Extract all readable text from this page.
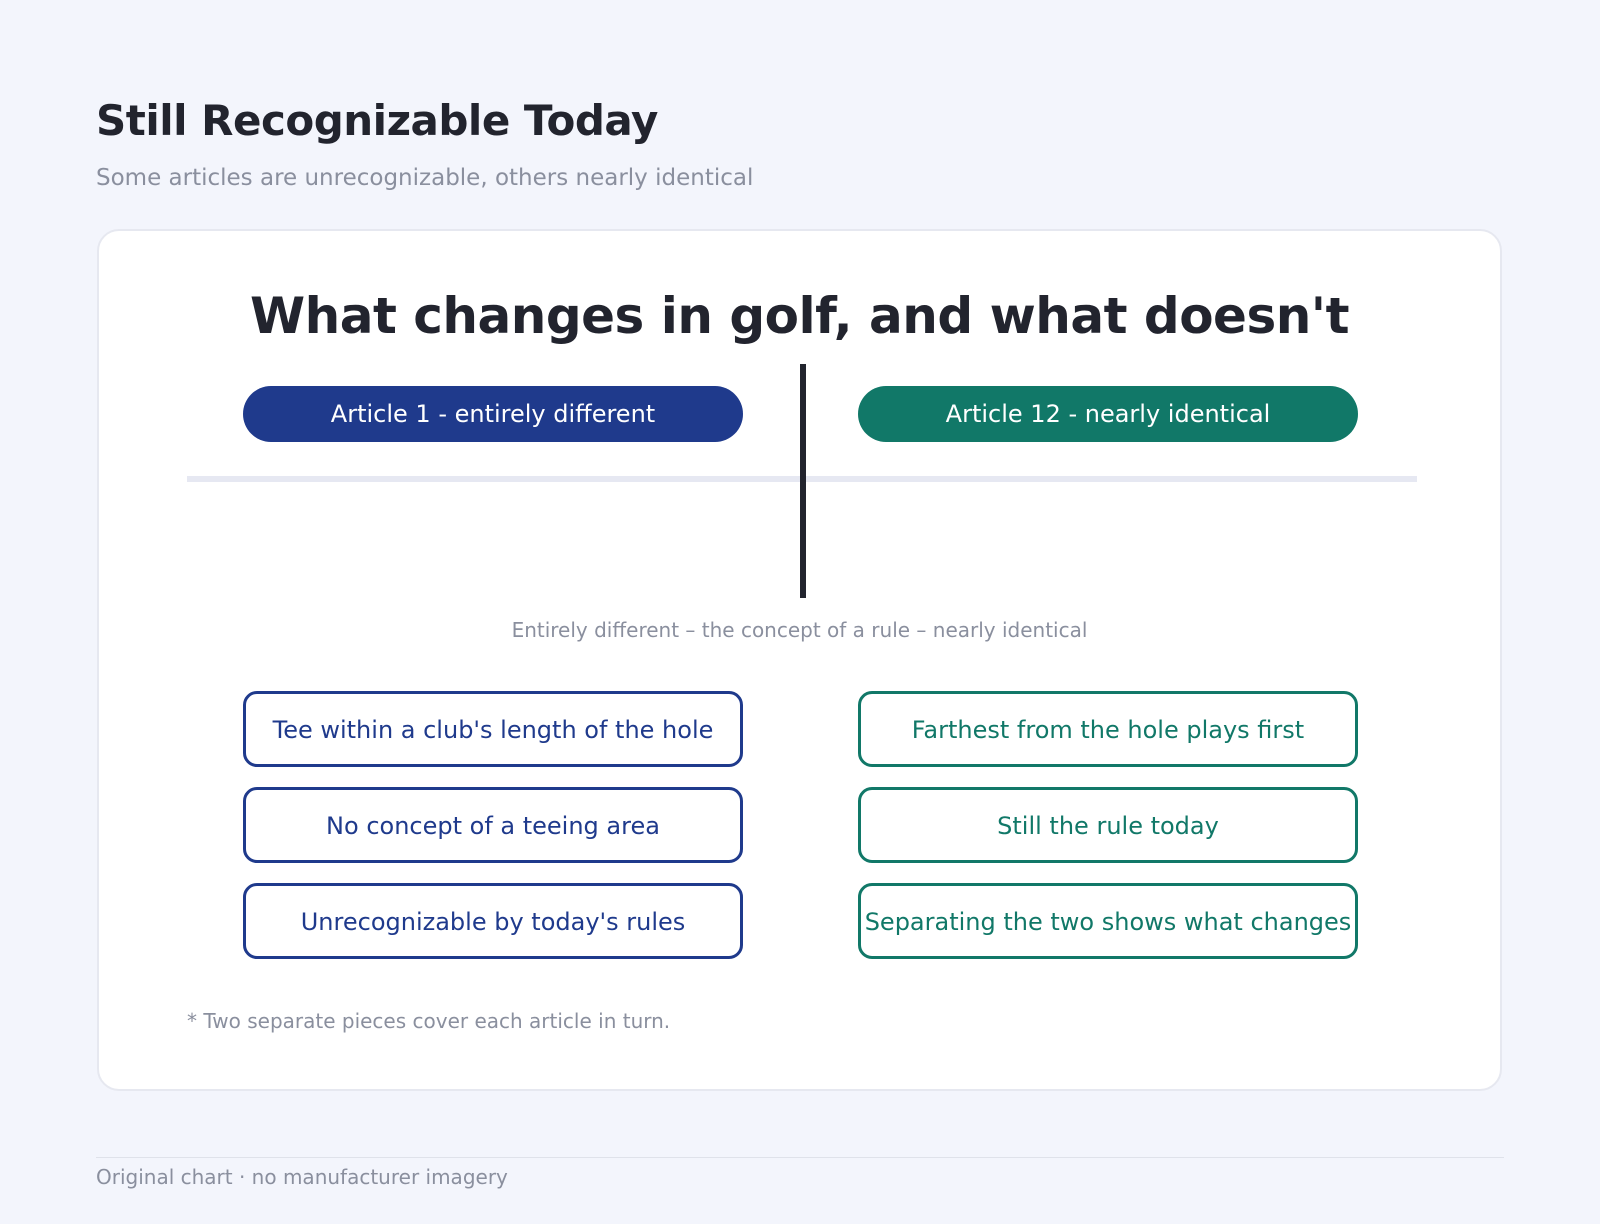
Still Recognizable Today

Some articles are unrecognizable, others nearly identical

What changes in golf, and what doesn't
Article 1 - entirely different	Article 12 - nearly identical

Entirely different – the concept of a rule – nearly identical

Tee within a club's length of the hole
No concept of a teeing area
Unrecognizable by today's rules
Farthest from the hole plays first
Still the rule today
Separating the two shows what changes

* Two separate pieces cover each article in turn.

Original chart · no manufacturer imagery
